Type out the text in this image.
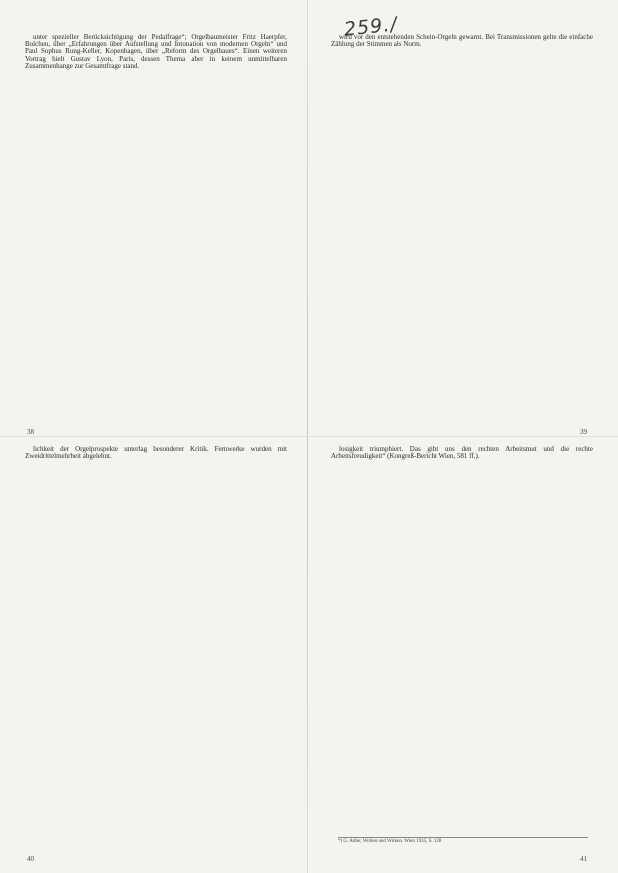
259./

unter spezieller Berücksichtigung der Pedalfrage“; Orgelbaumeister Fritz Haerpfer, Bolchen, über „Erfahrungen über Aufstellung und Intonation von modernen Orgeln“ und Paul Sophus Rung-Keller, Kopenhagen, über „Reform des Orgelbaues“. Einen weiteren Vortrag hielt Gustav Lyon, Paris, dessen Thema aber in keinem unmittelbaren Zusammenhange zur Gesamtfrage stand.

38

wird vor den entstehenden Schein-Orgeln gewarnt. Bei Transmissionen gelte die einfache Zählung der Stimmen als Norm.

39

lichkeit der Orgelprospekte unterlag besonderer Kritik. Fernwerke wurden mit Zweidrittelmehrheit abgelehnt.

40

losigkeit triumphiert. Das gibt uns den rechten Arbeitsmut und die rechte Arbeitsfreudigkeit“ (Kongreß-Bericht Wien, 581 ff.).

*) G. Adler, Wollen und Wirken. Wien 1935, S. 128
41
